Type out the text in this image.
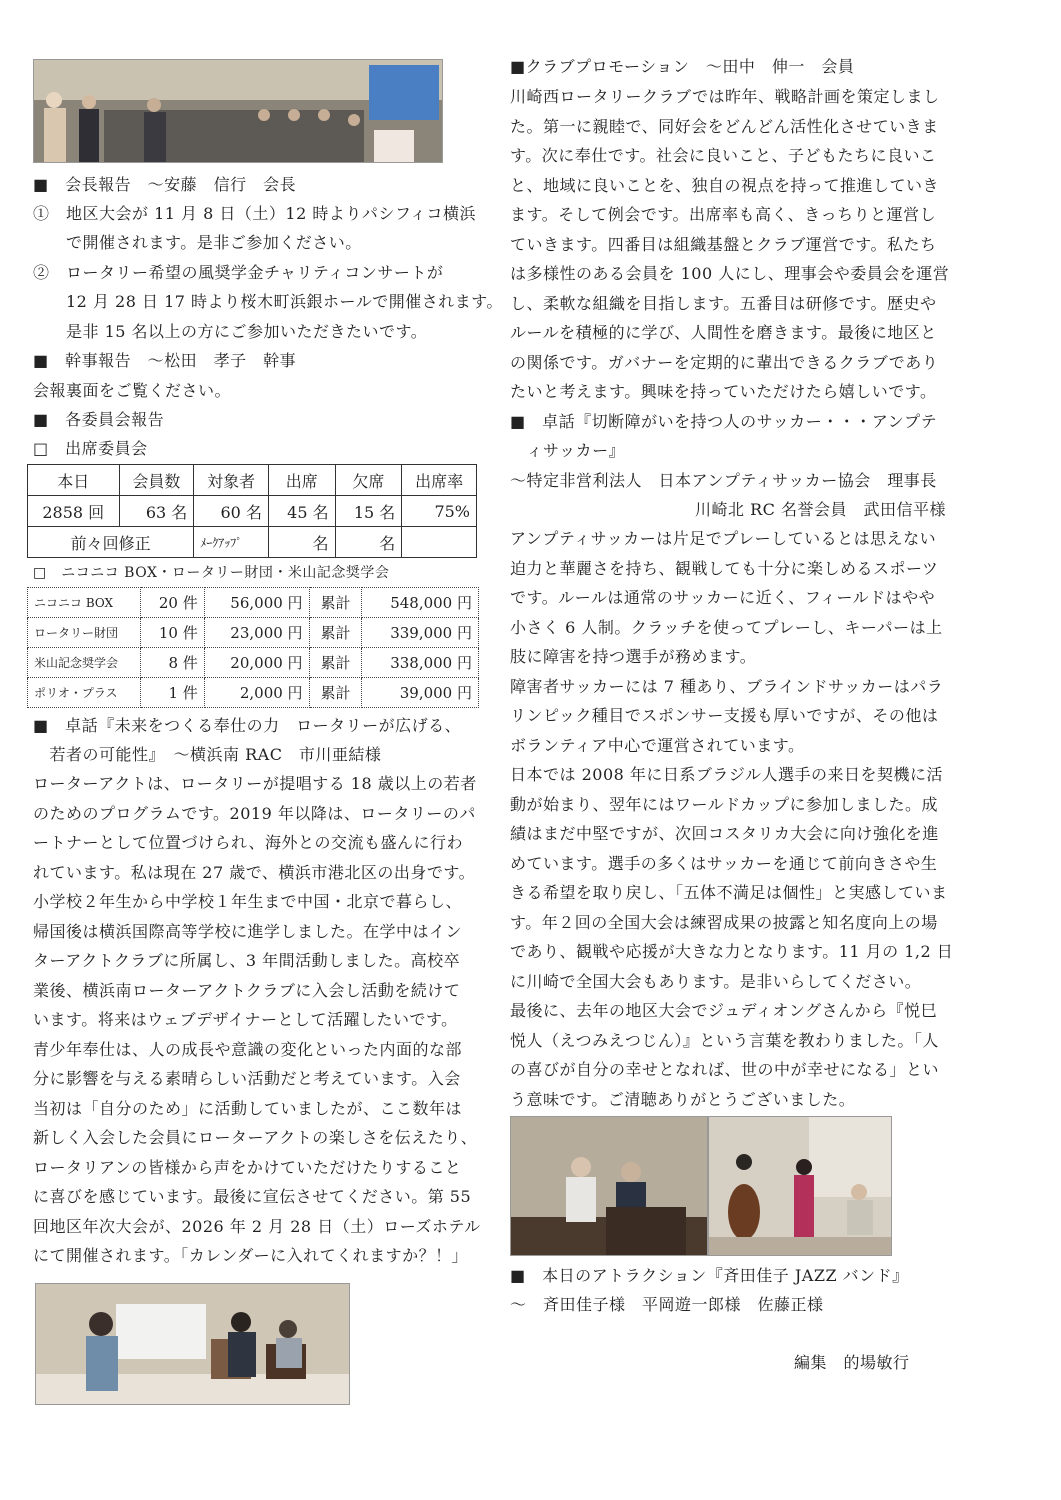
■　会長報告　～安藤　信行　会長
①　地区大会が 11 月 8 日（土）12 時よりパシフィコ横浜
　　で開催されます。是非ご参加ください。
②　ロータリー希望の風奨学金チャリティコンサートが
　　12 月 28 日 17 時より桜木町浜銀ホールで開催されます。
　　是非 15 名以上の方にご参加いただきたいです。
■　幹事報告　～松田　孝子　幹事
会報裏面をご覧ください。
■　各委員会報告
□　出席委員会
本日	会員数	対象者	出席	欠席	出席率
2858 回	63 名	60 名	45 名	15 名	75%
前々回修正		ﾒｰｸｱｯﾌﾟ	名	名	
□　ニコニコ BOX・ロータリー財団・米山記念奨学会
ニコニコ BOX	20 件	56,000 円	累計	548,000 円
ロータリー財団	10 件	23,000 円	累計	339,000 円
米山記念奨学会	8 件	20,000 円	累計	338,000 円
ポリオ・プラス	1 件	2,000 円	累計	39,000 円
■　卓話『未来をつくる奉仕の力　ロータリーが広げる、
　若者の可能性』　～横浜南 RAC　市川亜結様
ローターアクトは、ロータリーが提唱する 18 歳以上の若者
のためのプログラムです。2019 年以降は、ロータリーのパ
ートナーとして位置づけられ、海外との交流も盛んに行わ
れています。私は現在 27 歳で、横浜市港北区の出身です。
小学校２年生から中学校１年生まで中国・北京で暮らし、
帰国後は横浜国際高等学校に進学しました。在学中はイン
ターアクトクラブに所属し、3 年間活動しました。高校卒
業後、横浜南ローターアクトクラブに入会し活動を続けて
います。将来はウェブデザイナーとして活躍したいです。
青少年奉仕は、人の成長や意識の変化といった内面的な部
分に影響を与える素晴らしい活動だと考えています。入会
当初は「自分のため」に活動していましたが、ここ数年は
新しく入会した会員にローターアクトの楽しさを伝えたり、
ロータリアンの皆様から声をかけていただけたりすること
に喜びを感じています。最後に宣伝させてください。第 55
回地区年次大会が、2026 年 2 月 28 日（土）ローズホテル
にて開催されます。「カレンダーに入れてくれますか？！」
■クラブプロモーション　～田中　伸一　会員
川崎西ロータリークラブでは昨年、戦略計画を策定しまし
た。第一に親睦で、同好会をどんどん活性化させていきま
す。次に奉仕です。社会に良いこと、子どもたちに良いこ
と、地域に良いことを、独自の視点を持って推進していき
ます。そして例会です。出席率も高く、きっちりと運営し
ていきます。四番目は組織基盤とクラブ運営です。私たち
は多様性のある会員を 100 人にし、理事会や委員会を運営
し、柔軟な組織を目指します。五番目は研修です。歴史や
ルールを積極的に学び、人間性を磨きます。最後に地区と
の関係です。ガバナーを定期的に輩出できるクラブであり
たいと考えます。興味を持っていただけたら嬉しいです。
■　卓話『切断障がいを持つ人のサッカー・・・アンプテ
　ィサッカー』
～特定非営利法人　日本アンプティサッカー協会　理事長
川崎北 RC 名誉会員　武田信平様
アンプティサッカーは片足でプレーしているとは思えない
迫力と華麗さを持ち、観戦しても十分に楽しめるスポーツ
です。ルールは通常のサッカーに近く、フィールドはやや
小さく 6 人制。クラッチを使ってプレーし、キーパーは上
肢に障害を持つ選手が務めます。
障害者サッカーには 7 種あり、ブラインドサッカーはパラ
リンピック種目でスポンサー支援も厚いですが、その他は
ボランティア中心で運営されています。
日本では 2008 年に日系ブラジル人選手の来日を契機に活
動が始まり、翌年にはワールドカップに参加しました。成
績はまだ中堅ですが、次回コスタリカ大会に向け強化を進
めています。選手の多くはサッカーを通じて前向きさや生
きる希望を取り戻し、「五体不満足は個性」と実感していま
す。年２回の全国大会は練習成果の披露と知名度向上の場
であり、観戦や応援が大きな力となります。11 月の 1,2 日
に川崎で全国大会もあります。是非いらしてください。
最後に、去年の地区大会でジュディオングさんから『悦巳
悦人（えつみえつじん）』という言葉を教わりました。「人
の喜びが自分の幸せとなれば、世の中が幸せになる」とい
う意味です。ご清聴ありがとうございました。
■　本日のアトラクション『斉田佳子 JAZZ バンド』
～　斉田佳子様　平岡遊一郎様　佐藤正様
編集　的場敏行
